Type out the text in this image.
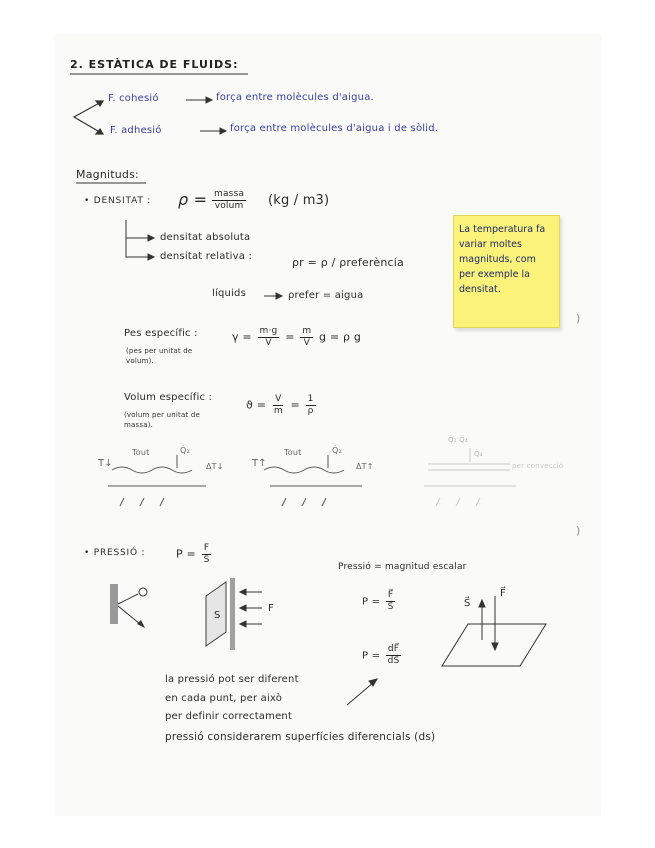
)
)
2. ESTÀTICA DE FLUIDS:
F. cohesió	força entre molècules d'aigua.
F. adhesió	força entre molècules d'aigua i de sòlid.
Magnituds:
• DENSITAT : $\rho = \frac{\text{massa}}{\text{volum}} (kg / m3)$
densitat absoluta
densitat relativa :	ρr = ρ / ρreferència
líquids	ρrefer = aigua
La temperatura fa variar moltes magnituds, com per exemple la densitat.
Pes específic :
(pes per unitat de volum).
$\gamma = \frac{m\cdot g}{V} = \frac{m}{V}$ g = ρ g
Volum específic :
(volum per unitat de massa).
$ϑ = \frac{V}{m} = \frac{1}{\rho}$
T↓
Tout	Q̇₂
ΔT↓	T↑
Tout	Q̇₂
ΔT↑
Q̇₂ Q̇₄
Q̇₄
per convecció
• PRESSIÓ :	$P = \frac{F}{S}$
Pressió = magnitud escalar
$P = \frac{F⃗}{S⃗}$
$P = \frac{dF⃗}{dS⃗}$
S
F	S⃗
F⃗
la pressió pot ser diferent
en cada punt, per això
per definir correctament
pressió considerarem superfícies diferencials (ds)
